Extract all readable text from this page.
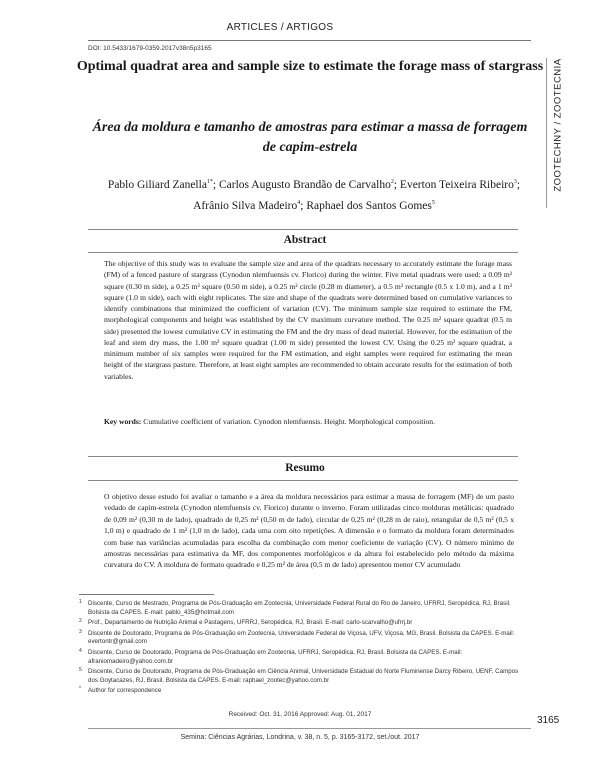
ARTICLES / ARTIGOS
DOI: 10.5433/1679-0359.2017v38n5p3165
ZOOTECHNY / ZOOTECNIA
Optimal quadrat area and sample size to estimate the forage mass of stargrass
Área da moldura e tamanho de amostras para estimar a massa de forragem de capim-estrela
Pablo Giliard Zanella$^{1*}$; Carlos Augusto Brandão de Carvalho$^2$; Everton Teixeira Ribeiro$^3$; Afrânio Silva Madeiro$^4$; Raphael dos Santos Gomes$^5$
Abstract
The objective of this study was to evaluate the sample size and area of the quadrats necessary to accurately estimate the forage mass (FM) of a fenced pasture of stargrass (Cynodon nlemfuensis cv. Florico) during the winter. Five metal quadrats were used: a 0.09 m² square (0.30 m side), a 0.25 m² square (0.50 m side), a 0.25 m² circle (0.28 m diameter), a 0.5 m² rectangle (0.5 x 1.0 m), and a 1 m² square (1.0 m side), each with eight replicates. The size and shape of the quadrats were determined based on cumulative variances to identify combinations that minimized the coefficient of variation (CV). The minimum sample size required to estimate the FM, morphological components and height was established by the CV maximum curvature method. The 0.25 m² square quadrat (0.5 m side) presented the lowest cumulative CV in estimating the FM and the dry mass of dead material. However, for the estimation of the leaf and stem dry mass, the 1.00 m² square quadrat (1.00 m side) presented the lowest CV. Using the 0.25 m² square quadrat, a minimum number of six samples were required for the FM estimation, and eight samples were required for estimating the mean height of the stargrass pasture. Therefore, at least eight samples are recommended to obtain accurate results for the estimation of both variables.
Key words: Cumulative coefficient of variation. Cynodon nlemfuensis. Height. Morphological composition.
Resumo
O objetivo desse estudo foi avaliar o tamanho e a área da moldura necessários para estimar a massa de forragem (MF) de um pasto vedado de capim-estrela (Cynodon nlemfuensis cv. Florico) durante o inverno. Foram utilizadas cinco molduras metálicas: quadrado de 0,09 m² (0,30 m de lado), quadrado de 0,25 m² (0,50 m de lado), circular de 0,25 m² (0,28 m de raio), retangular de 0,5 m² (0,5 x 1,0 m) e quadrado de 1 m² (1,0 m de lado), cada uma com oito repetições. A dimensão e o formato da moldura foram determinados com base nas variâncias acumuladas para escolha da combinação com menor coeficiente de variação (CV). O número mínimo de amostras necessárias para estimativa da MF, dos componentes morfológicos e da altura foi estabelecido pelo método da máxima curvatura do CV. A moldura de formato quadrado e 0,25 m² de área (0,5 m de lado) apresentou menor CV acumulado
1 Discente, Curso de Mestrado, Programa de Pós-Graduação em Zootecnia, Universidade Federal Rural do Rio de Janeiro, UFRRJ, Seropédica, RJ, Brasil. Bolsista da CAPES. E-mail: pablo_435@hotmail.com
2 Prof., Departamento de Nutrição Animal e Pastagens, UFRRJ, Seropédica, RJ, Brasil. E-mail: carlo-scarvalho@ufrrj.br
3 Discente de Doutorado, Programa de Pós-Graduação em Zootecnia, Universidade Federal de Viçosa, UFV, Viçosa, MG, Brasil. Bolsista da CAPES. E-mail: evertontr@gmail.com
4 Discente, Curso de Doutorado, Programa de Pós-Graduação em Zootecnia, UFRRJ, Seropédica, RJ, Brasil. Bolsista da CAPES. E-mail: afraniomadeiro@yahoo.com.br
5 Discente, Curso de Doutorado, Programa de Pós-Graduação em Ciência Animal, Universidade Estadual do Norte Fluminense Darcy Ribeiro, UENF, Campos dos Goytacazes, RJ, Brasil. Bolsista da CAPES. E-mail: raphael_zootec@yahoo.com.br
* Author for correspondence
Received: Oct. 31, 2016 Approved: Aug. 01, 2017
3165
Semina: Ciências Agrárias, Londrina, v. 38, n. 5, p. 3165-3172, set./out. 2017
